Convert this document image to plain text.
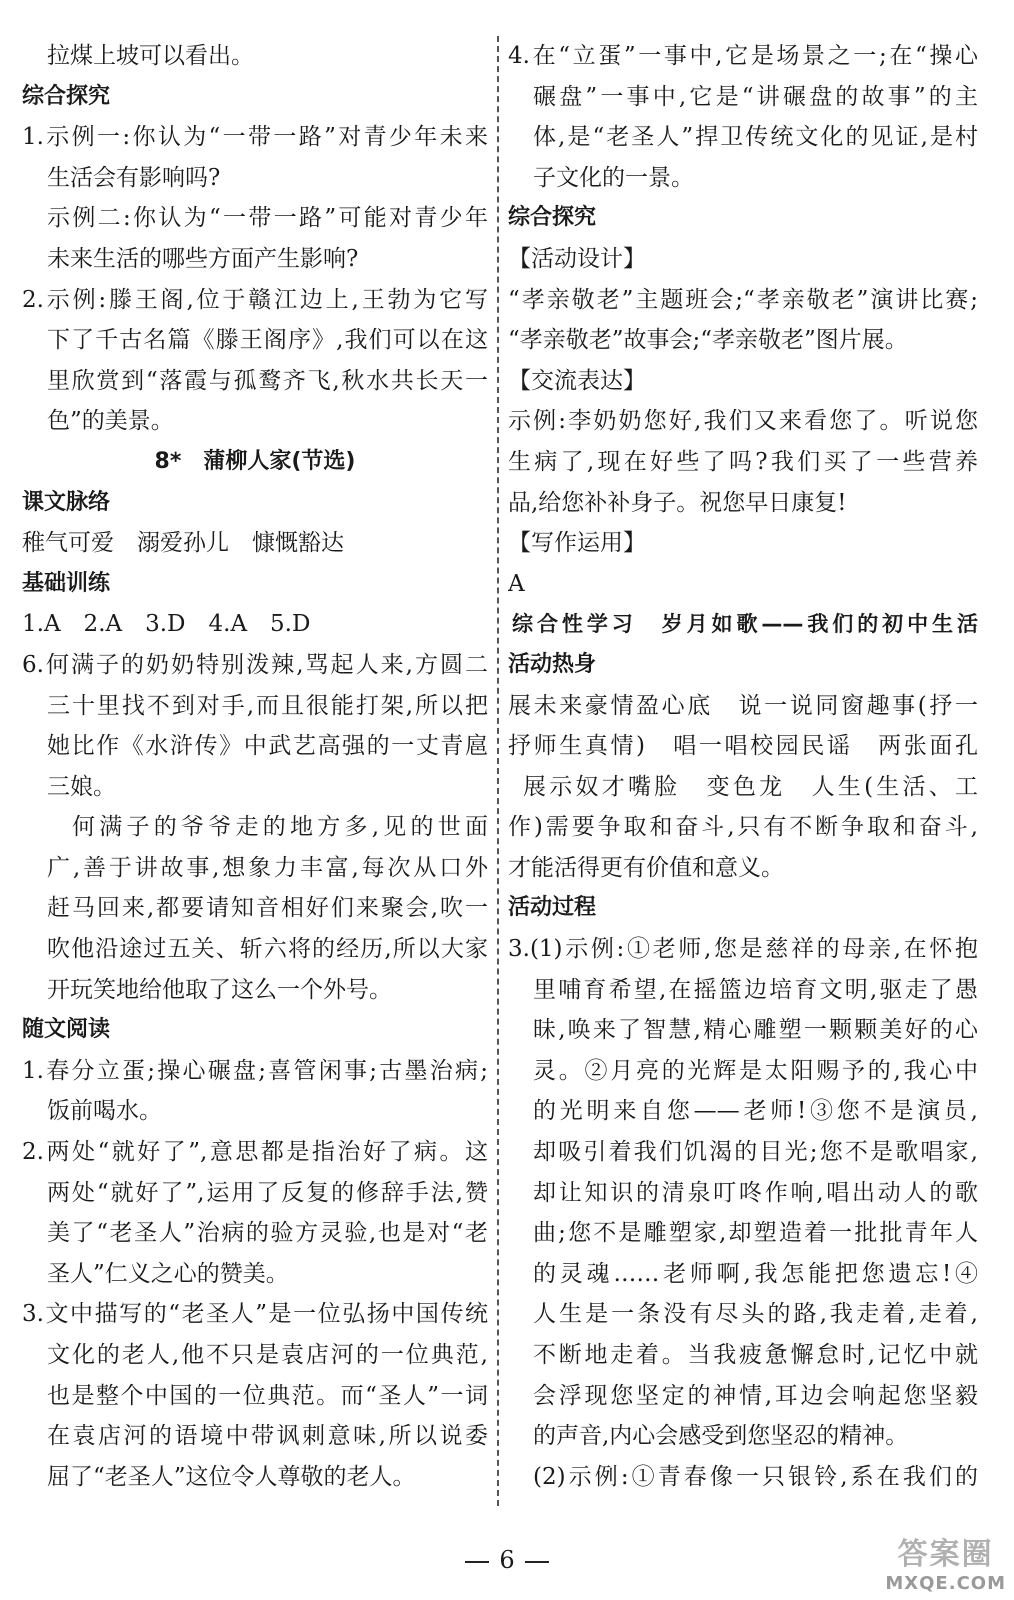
拉煤上坡可以看出。
综合探究
1.示例一:你认为“一带一路”对青少年未来
生活会有影响吗?
示例二:你认为“一带一路”可能对青少年
未来生活的哪些方面产生影响?
2.示例:滕王阁,位于赣江边上,王勃为它写
下了千古名篇《滕王阁序》,我们可以在这
里欣赏到“落霞与孤鹜齐飞,秋水共长天一
色”的美景。
8*　蒲柳人家(节选)
课文脉络
稚气可爱　溺爱孙儿　慷慨豁达
基础训练
1.A　2.A　3.D　4.A　5.D
6.何满子的奶奶特别泼辣,骂起人来,方圆二
三十里找不到对手,而且很能打架,所以把
她比作《水浒传》中武艺高强的一丈青扈
三娘。
何满子的爷爷走的地方多,见的世面
广,善于讲故事,想象力丰富,每次从口外
赶马回来,都要请知音相好们来聚会,吹一
吹他沿途过五关、斩六将的经历,所以大家
开玩笑地给他取了这么一个外号。
随文阅读
1.春分立蛋;操心碾盘;喜管闲事;古墨治病;
饭前喝水。
2.两处“就好了”,意思都是指治好了病。这
两处“就好了”,运用了反复的修辞手法,赞
美了“老圣人”治病的验方灵验,也是对“老
圣人”仁义之心的赞美。
3.文中描写的“老圣人”是一位弘扬中国传统
文化的老人,他不只是袁店河的一位典范,
也是整个中国的一位典范。而“圣人”一词
在袁店河的语境中带讽刺意味,所以说委
屈了“老圣人”这位令人尊敬的老人。
4.在“立蛋”一事中,它是场景之一;在“操心
碾盘”一事中,它是“讲碾盘的故事”的主
体,是“老圣人”捍卫传统文化的见证,是村
子文化的一景。
综合探究
【活动设计】
“孝亲敬老”主题班会;“孝亲敬老”演讲比赛;
“孝亲敬老”故事会;“孝亲敬老”图片展。
【交流表达】
示例:李奶奶您好,我们又来看您了。听说您
生病了,现在好些了吗?我们买了一些营养
品,给您补补身子。祝您早日康复!
【写作运用】
A
综合性学习　岁月如歌——我们的初中生活
活动热身
展未来豪情盈心底　说一说同窗趣事(抒一
抒师生真情)　唱一唱校园民谣　两张面孔
展示奴才嘴脸　变色龙　人生(生活、工
作)需要争取和奋斗,只有不断争取和奋斗,
才能活得更有价值和意义。
活动过程
3.(1)示例:①老师,您是慈祥的母亲,在怀抱
里哺育希望,在摇篮边培育文明,驱走了愚
昧,唤来了智慧,精心雕塑一颗颗美好的心
灵。②月亮的光辉是太阳赐予的,我心中
的光明来自您——老师!③您不是演员,
却吸引着我们饥渴的目光;您不是歌唱家,
却让知识的清泉叮咚作响,唱出动人的歌
曲;您不是雕塑家,却塑造着一批批青年人
的灵魂……老师啊,我怎能把您遗忘!④
人生是一条没有尽头的路,我走着,走着,
不断地走着。当我疲惫懈怠时,记忆中就
会浮现您坚定的神情,耳边会响起您坚毅
的声音,内心会感受到您坚忍的精神。
(2)示例:①青春像一只银铃,系在我们的
6	答案圈
MXQE.COM
